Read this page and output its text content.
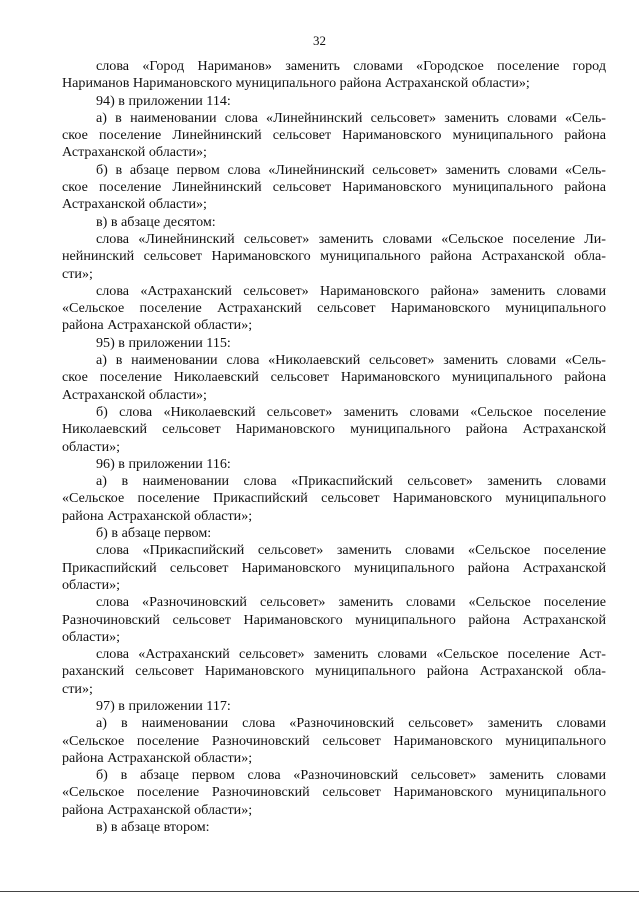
32
слова «Город Нариманов» заменить словами «Городское поселение город
Нариманов Наримановского муниципального района Астраханской области»;
94) в приложении 114:
а) в наименовании слова «Линейнинский сельсовет» заменить словами «Сель-
ское поселение Линейнинский сельсовет Наримановского муниципального района
Астраханской области»;
б) в абзаце первом слова «Линейнинский сельсовет» заменить словами «Сель-
ское поселение Линейнинский сельсовет Наримановского муниципального района
Астраханской области»;
в) в абзаце десятом:
слова «Линейнинский сельсовет» заменить словами «Сельское поселение Ли-
нейнинский сельсовет Наримановского муниципального района Астраханской обла-
сти»;
слова «Астраханский сельсовет» Наримановского района» заменить словами
«Сельское поселение Астраханский сельсовет Наримановского муниципального
района Астраханской области»;
95) в приложении 115:
а) в наименовании слова «Николаевский сельсовет» заменить словами «Сель-
ское поселение Николаевский сельсовет Наримановского муниципального района
Астраханской области»;
б) слова «Николаевский сельсовет» заменить словами «Сельское поселение
Николаевский сельсовет Наримановского муниципального района Астраханской
области»;
96) в приложении 116:
а) в наименовании слова «Прикаспийский сельсовет» заменить словами
«Сельское поселение Прикаспийский сельсовет Наримановского муниципального
района Астраханской области»;
б) в абзаце первом:
слова «Прикаспийский сельсовет» заменить словами «Сельское поселение
Прикаспийский сельсовет Наримановского муниципального района Астраханской
области»;
слова «Разночиновский сельсовет» заменить словами «Сельское поселение
Разночиновский сельсовет Наримановского муниципального района Астраханской
области»;
слова «Астраханский сельсовет» заменить словами «Сельское поселение Аст-
раханский сельсовет Наримановского муниципального района Астраханской обла-
сти»;
97) в приложении 117:
а) в наименовании слова «Разночиновский сельсовет» заменить словами
«Сельское поселение Разночиновский сельсовет Наримановского муниципального
района Астраханской области»;
б) в абзаце первом слова «Разночиновский сельсовет» заменить словами
«Сельское поселение Разночиновский сельсовет Наримановского муниципального
района Астраханской области»;
в) в абзаце втором:
